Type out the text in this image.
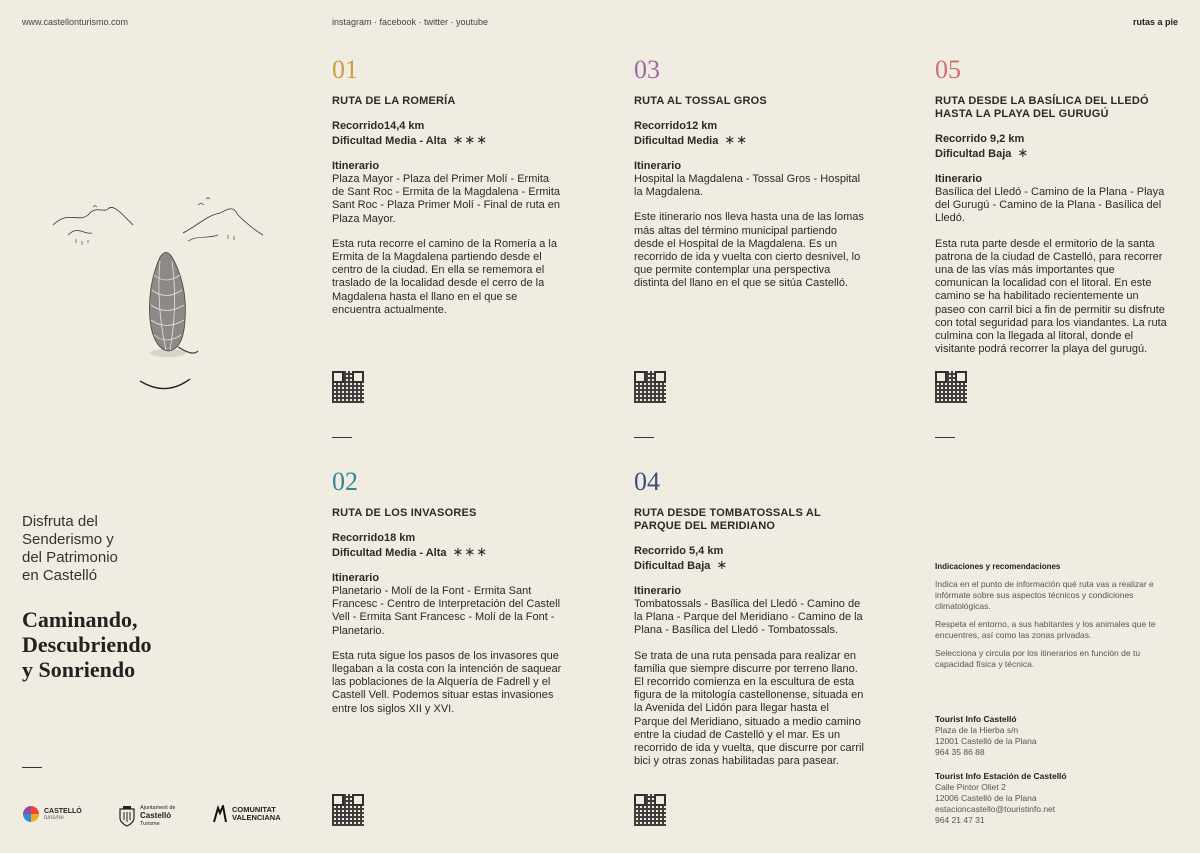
www.castellonturismo.com	instagram · facebook · twitter · youtube	rutas a pie
Disfruta del
Senderismo y
del Patrimonio
en Castelló
Caminando,
Descubriendo
y Sonriendo
CASTELLÓ
turisme
Ajuntament de
Castelló
Turisme
COMUNITAT
VALENCIANA
01
RUTA DE LA ROMERÍA
Recorrido14,4 km
Dificultad Media - Alta ∗∗∗
Itinerario

Plaza Mayor - Plaza del Primer Molí - Ermita de Sant Roc - Ermita de la Magdalena - Ermita Sant Roc - Plaza Primer Molí - Final de ruta en Plaza Mayor.

Esta ruta recorre el camino de la Romería a la Ermita de la Magdalena partiendo desde el centro de la ciudad. En ella se rememora el traslado de la localidad desde el cerro de la Magdalena hasta el llano en el que se encuentra actualmente.

03
RUTA AL TOSSAL GROS
Recorrido12 km
Dificultad Media ∗∗
Itinerario

Hospital la Magdalena - Tossal Gros - Hospital la Magdalena.

Este itinerario nos lleva hasta una de las lomas más altas del término municipal partiendo desde el Hospital de la Magdalena. Es un recorrido de ida y vuelta con cierto desnivel, lo que permite contemplar una perspectiva distinta del llano en el que se sitúa Castelló.

05
RUTA DESDE LA BASÍLICA DEL LLEDÓ HASTA LA PLAYA DEL GURUGÚ
Recorrido 9,2 km
Dificultad Baja ∗
Itinerario

Basílica del Lledó - Camino de la Plana - Playa del Gurugú - Camino de la Plana - Basílica del Lledó.

Esta ruta parte desde el ermitorio de la santa patrona de la ciudad de Castelló, para recorrer una de las vías más importantes que comunican la localidad con el litoral. En este camino se ha habilitado recientemente un paseo con carril bici a fin de permitir su disfrute con total seguridad para los viandantes. La ruta culmina con la llegada al litoral, donde el visitante podrá recorrer la playa del gurugú.

02
RUTA DE LOS INVASORES
Recorrido18 km
Dificultad Media - Alta ∗∗∗
Itinerario

Planetario - Molí de la Font - Ermita Sant Francesc - Centro de Interpretación del Castell Vell - Ermita Sant Francesc - Molí de la Font - Planetario.

Esta ruta sigue los pasos de los invasores que llegaban a la costa con la intención de saquear las poblaciones de la Alquería de Fadrell y el Castell Vell. Podemos situar estas invasiones entre los siglos XII y XVI.

04
RUTA DESDE TOMBATOSSALS AL PARQUE DEL MERIDIANO
Recorrido 5,4 km
Dificultad Baja ∗
Itinerario

Tombatossals - Basílica del Lledó - Camino de la Plana - Parque del Meridiano - Camino de la Plana - Basílica del Lledó - Tombatossals.

Se trata de una ruta pensada para realizar en familia que siempre discurre por terreno llano. El recorrido comienza en la escultura de esta figura de la mitología castellonense, situada en la Avenida del Lidón para llegar hasta el Parque del Meridiano, situado a medio camino entre la ciudad de Castelló y el mar. Es un recorrido de ida y vuelta, que discurre por carril bici y otras zonas habilitadas para pasear.

Indicaciones y recomendaciones

Indica en el punto de información qué ruta vas a realizar e infórmate sobre sus aspectos técnicos y condiciones climatológicas.

Respeta el entorno, a sus habitantes y los animales que te encuentres, así como las zonas privadas.

Selecciona y circula por los itinerarios en función de tu capacidad física y técnica.

Tourist Info Castelló
Plaza de la Hierba s/n
12001 Castelló de la Plana
964 35 86 88
Tourist Info Estación de Castelló
Calle Pintor Oliet 2
12006 Castelló de la Plana
estacioncastello@touristinfo.net
964 21 47 31
